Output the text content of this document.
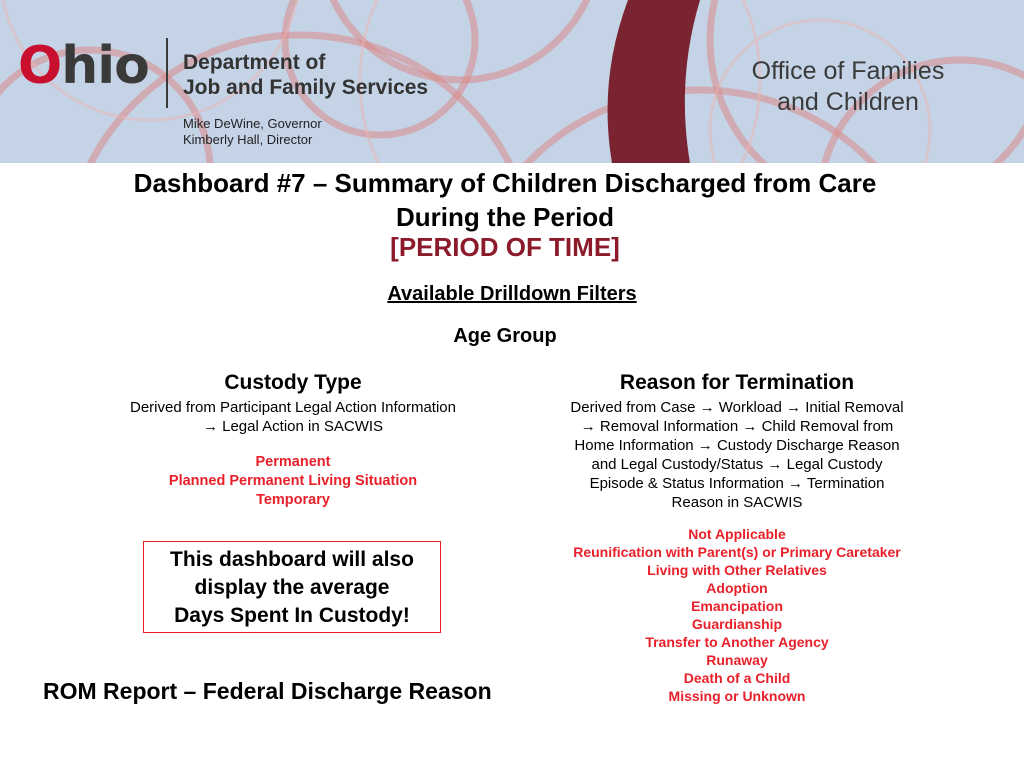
Ohio Department of
Job and Family Services
Mike DeWine, Governor
Kimberly Hall, Director
Office of Families
and Children
Dashboard #7 – Summary of Children Discharged from Care
During the Period
[PERIOD OF TIME]
Available Drilldown Filters
Age Group
Custody Type
Derived from Participant Legal Action Information
→ Legal Action in SACWIS
Permanent
Planned Permanent Living Situation
Temporary
This dashboard will also
display the average
Days Spent In Custody!
Reason for Termination
Derived from Case → Workload → Initial Removal
→ Removal Information → Child Removal from
Home Information → Custody Discharge Reason
and Legal Custody/Status → Legal Custody
Episode & Status Information → Termination
Reason in SACWIS
Not Applicable
Reunification with Parent(s) or Primary Caretaker
Living with Other Relatives
Adoption
Emancipation
Guardianship
Transfer to Another Agency
Runaway
Death of a Child
Missing or Unknown
ROM Report – Federal Discharge Reason
